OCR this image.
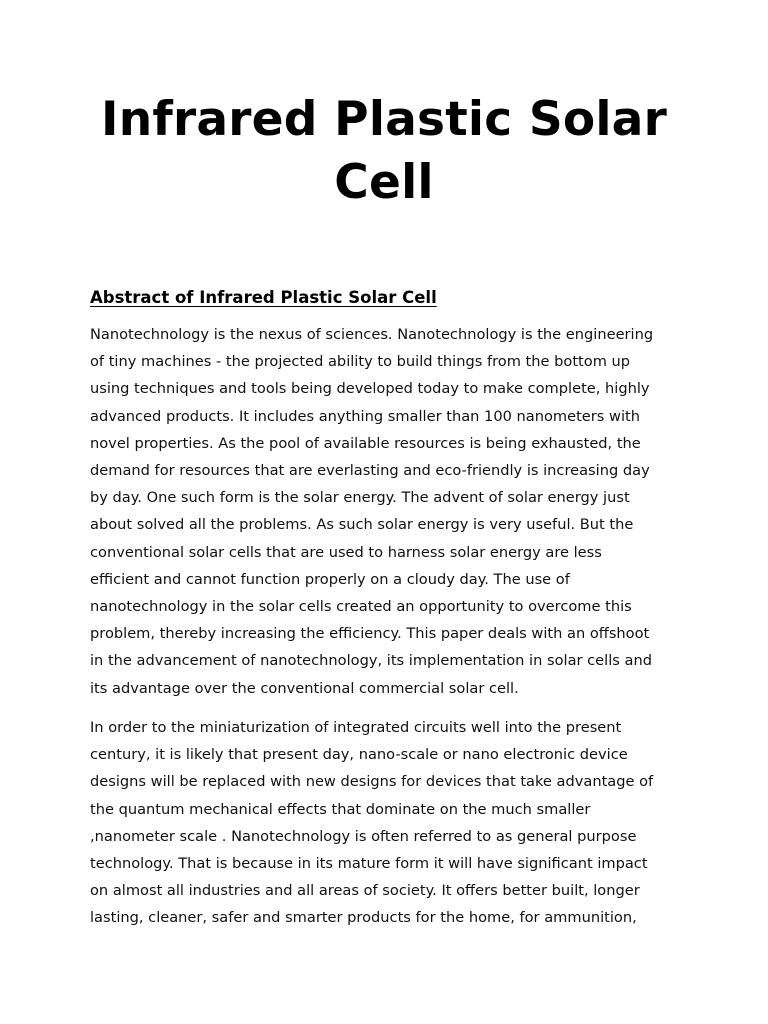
Infrared Plastic Solar
Cell
Abstract of Infrared Plastic Solar Cell

Nanotechnology is the nexus of sciences. Nanotechnology is the engineering
of tiny machines - the projected ability to build things from the bottom up
using techniques and tools being developed today to make complete, highly
advanced products. It includes anything smaller than 100 nanometers with
novel properties. As the pool of available resources is being exhausted, the
demand for resources that are everlasting and eco-friendly is increasing day
by day. One such form is the solar energy. The advent of solar energy just
about solved all the problems. As such solar energy is very useful. But the
conventional solar cells that are used to harness solar energy are less
efficient and cannot function properly on a cloudy day. The use of
nanotechnology in the solar cells created an opportunity to overcome this
problem, thereby increasing the efficiency. This paper deals with an offshoot
in the advancement of nanotechnology, its implementation in solar cells and
its advantage over the conventional commercial solar cell.

In order to the miniaturization of integrated circuits well into the present
century, it is likely that present day, nano-scale or nano electronic device
designs will be replaced with new designs for devices that take advantage of
the quantum mechanical effects that dominate on the much smaller
,nanometer scale . Nanotechnology is often referred to as general purpose
technology. That is because in its mature form it will have significant impact
on almost all industries and all areas of society. It offers better built, longer
lasting, cleaner, safer and smarter products for the home, for ammunition,
